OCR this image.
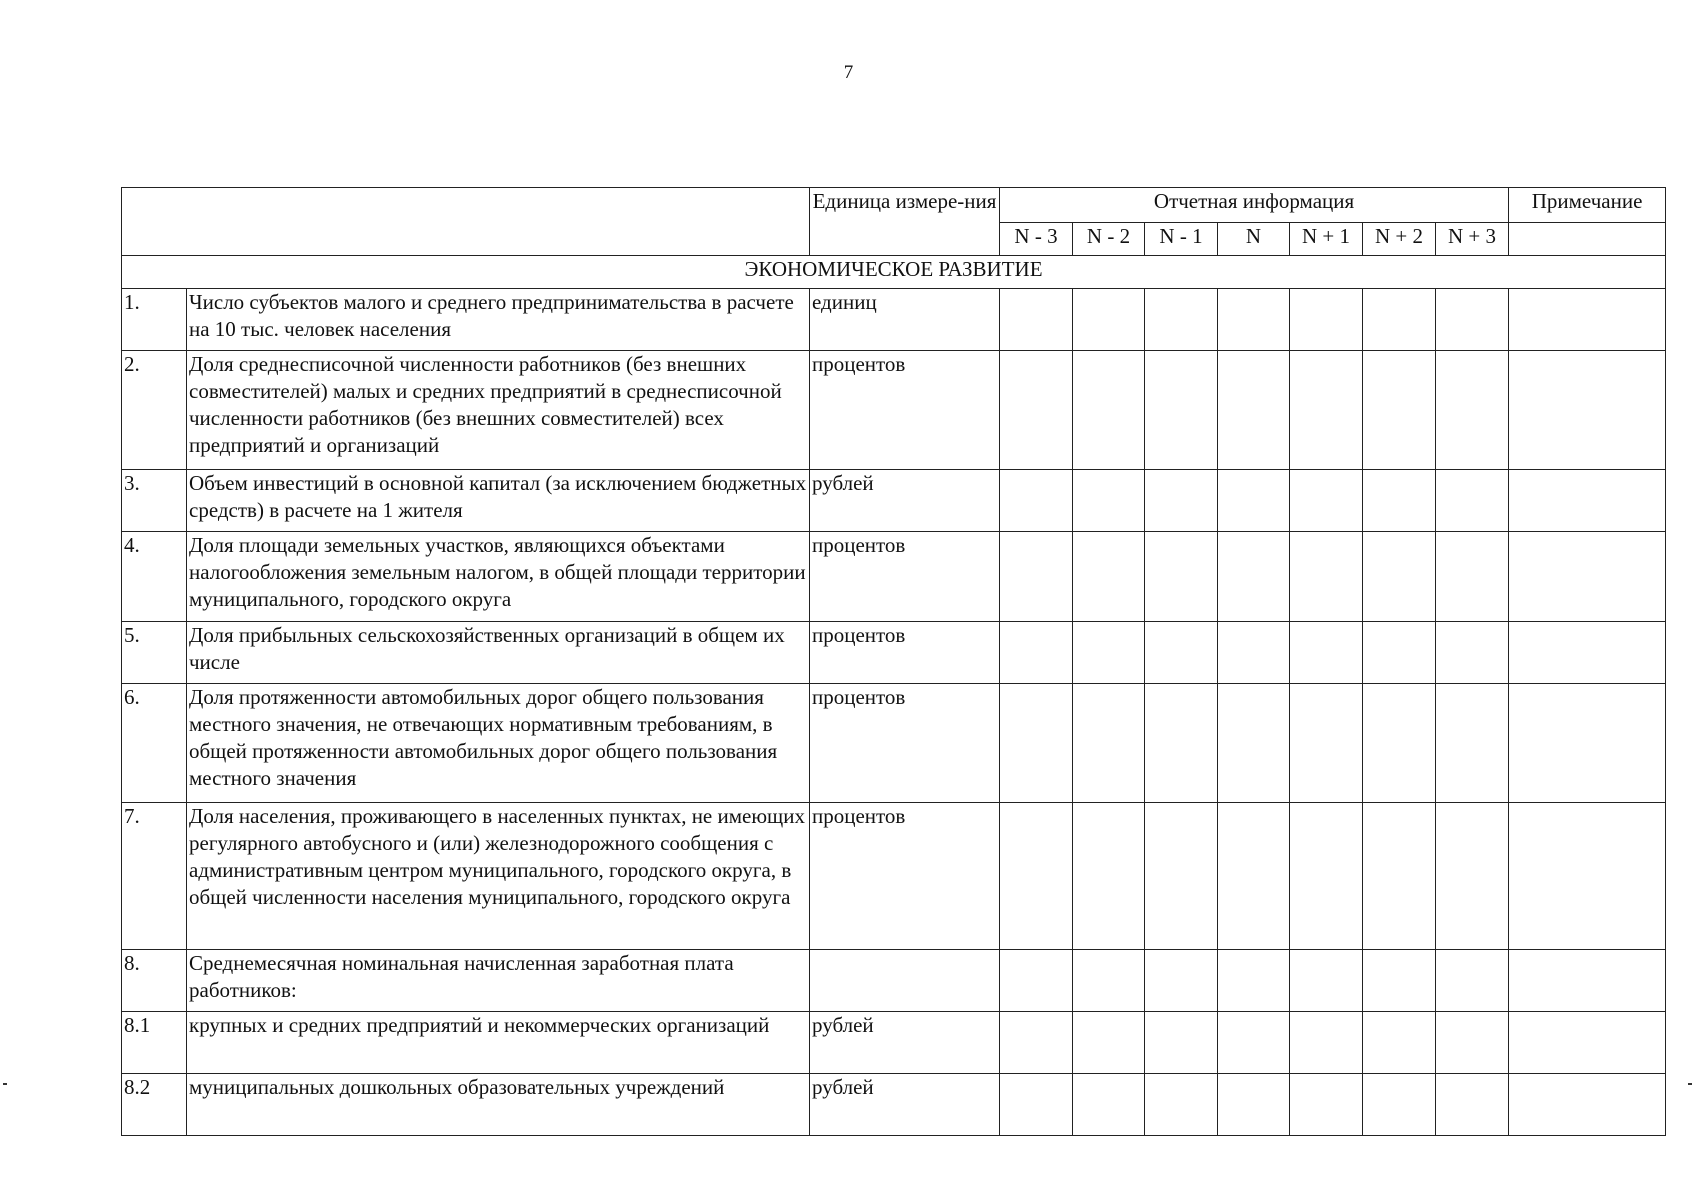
7
		Единица измере-ния	Отчетная информация							Примечание
			N - 3	N - 2	N - 1	N	N + 1	N + 2	N + 3	
ЭКОНОМИЧЕСКОЕ РАЗВИТИЕ										
1.	Число субъектов малого и среднего предпринимательства в расчете на 10 тыс. человек населения	единиц								
2.	Доля среднесписочной численности работников (без внешних совместителей) малых и средних предприятий в среднесписочной численности работников (без внешних совместителей) всех предприятий и организаций	процентов								
3.	Объем инвестиций в основной капитал (за исключением бюджетных средств) в расчете на 1 жителя	рублей								
4.	Доля площади земельных участков, являющихся объектами налогообложения земельным налогом, в общей площади территории муниципального, городского округа	процентов								
5.	Доля прибыльных сельскохозяйственных организаций в общем их числе	процентов								
6.	Доля протяженности автомобильных дорог общего пользования местного значения, не отвечающих нормативным требованиям, в общей протяженности автомобильных дорог общего пользования местного значения	процентов								
7.	Доля населения, проживающего в населенных пунктах, не имеющих регулярного автобусного и (или) железнодорожного сообщения с административным центром муниципального, городского округа, в общей численности населения муниципального, городского округа	процентов								
8.	Среднемесячная номинальная начисленная заработная плата работников:									
8.1	крупных и средних предприятий и некоммерческих организаций	рублей								
8.2	муниципальных дошкольных образовательных учреждений	рублей								
